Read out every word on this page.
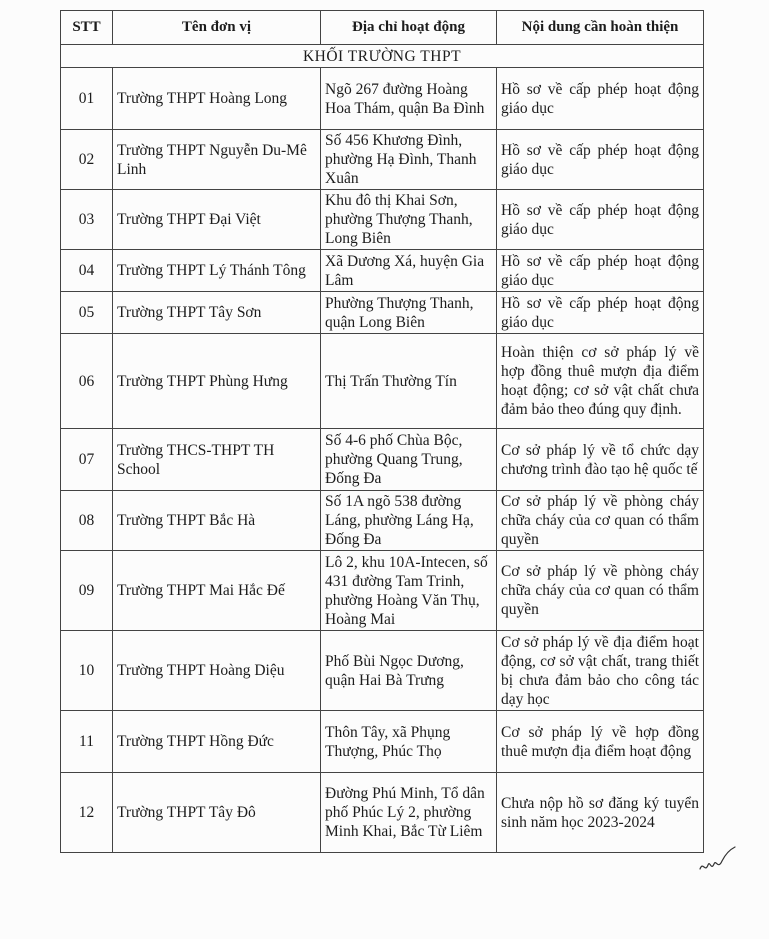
STT	Tên đơn vị	Địa chỉ hoạt động	Nội dung cần hoàn thiện
KHỐI TRƯỜNG THPT			
01	Trường THPT Hoàng Long	Ngõ 267 đường Hoàng Hoa Thám, quận Ba Đình	Hồ sơ về cấp phép hoạt động giáo dục
02	Trường THPT Nguyễn Du-Mê Linh	Số 456 Khương Đình, phường Hạ Đình, Thanh Xuân	Hồ sơ về cấp phép hoạt động giáo dục
03	Trường THPT Đại Việt	Khu đô thị Khai Sơn, phường Thượng Thanh, Long Biên	Hồ sơ về cấp phép hoạt động giáo dục
04	Trường THPT Lý Thánh Tông	Xã Dương Xá, huyện Gia Lâm	Hồ sơ về cấp phép hoạt động giáo dục
05	Trường THPT Tây Sơn	Phường Thượng Thanh, quận Long Biên	Hồ sơ về cấp phép hoạt động giáo dục
06	Trường THPT Phùng Hưng	Thị Trấn Thường Tín	Hoàn thiện cơ sở pháp lý về hợp đồng thuê mượn địa điểm hoạt động; cơ sở vật chất chưa đảm bảo theo đúng quy định.
07	Trường THCS-THPT TH School	Số 4-6 phố Chùa Bộc, phường Quang Trung, Đống Đa	Cơ sở pháp lý về tổ chức dạy chương trình đào tạo hệ quốc tế
08	Trường THPT Bắc Hà	Số 1A ngõ 538 đường Láng, phường Láng Hạ, Đống Đa	Cơ sở pháp lý về phòng cháy chữa cháy của cơ quan có thẩm quyền
09	Trường THPT Mai Hắc Đế	Lô 2, khu 10A-Intecen, số 431 đường Tam Trinh, phường Hoàng Văn Thụ, Hoàng Mai	Cơ sở pháp lý về phòng cháy chữa cháy của cơ quan có thẩm quyền
10	Trường THPT Hoàng Diệu	Phố Bùi Ngọc Dương, quận Hai Bà Trưng	Cơ sở pháp lý về địa điểm hoạt động, cơ sở vật chất, trang thiết bị chưa đảm bảo cho công tác dạy học
11	Trường THPT Hồng Đức	Thôn Tây, xã Phụng Thượng, Phúc Thọ	Cơ sở pháp lý về hợp đồng thuê mượn địa điểm hoạt động
12	Trường THPT Tây Đô	Đường Phú Minh, Tổ dân phố Phúc Lý 2, phường Minh Khai, Bắc Từ Liêm	Chưa nộp hồ sơ đăng ký tuyển sinh năm học 2023-2024
